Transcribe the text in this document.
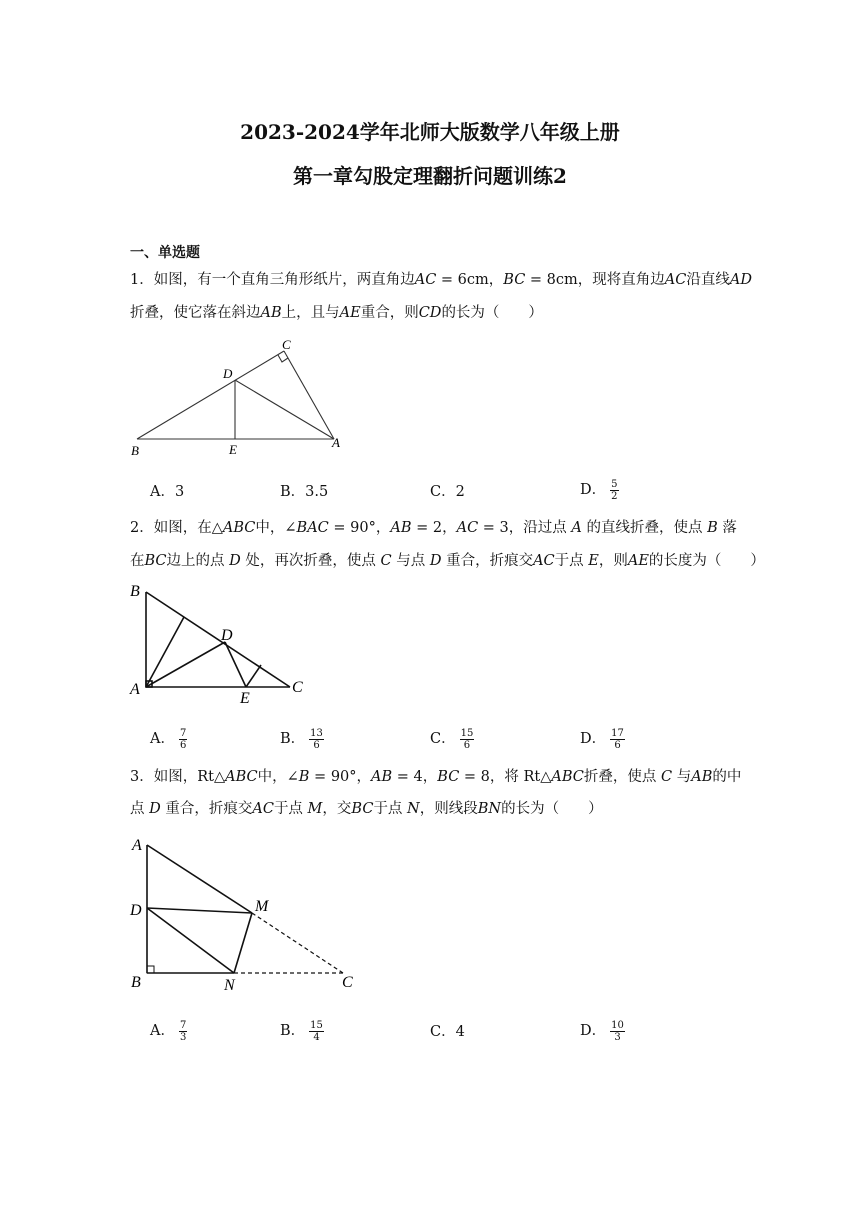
2023-2024学年北师大版数学八年级上册
第一章勾股定理翻折问题训练2
一、单选题
1．如图，有一个直角三角形纸片，两直角边AC = 6cm，BC = 8cm，现将直角边AC沿直线AD
折叠，使它落在斜边AB上，且与AE重合，则CD的长为（　　）
B	E	A
D
C
A．3	B．3.5	C．2	D． $\frac{5}{2}$
2．如图，在△ABC中，∠BAC = 90°，AB = 2，AC = 3，沿过点 A 的直线折叠，使点 B 落
在BC边上的点 D 处，再次折叠，使点 C 与点 D 重合，折痕交AC于点 E，则AE的长度为（　　）
B
D
A
E
C
A． $\frac{7}{6}$	B． $\frac{13}{6}$	C． $\frac{15}{6}$	D． $\frac{17}{6}$
3．如图，Rt△ABC中，∠B = 90°，AB = 4，BC = 8，将 Rt△ABC折叠，使点 C 与AB的中
点 D 重合，折痕交AC于点 M，交BC于点 N，则线段BN的长为（　　）
A
D	M
B	N	C
A． $\frac{7}{3}$	B． $\frac{15}{4}$	C．4	D． $\frac{10}{3}$
